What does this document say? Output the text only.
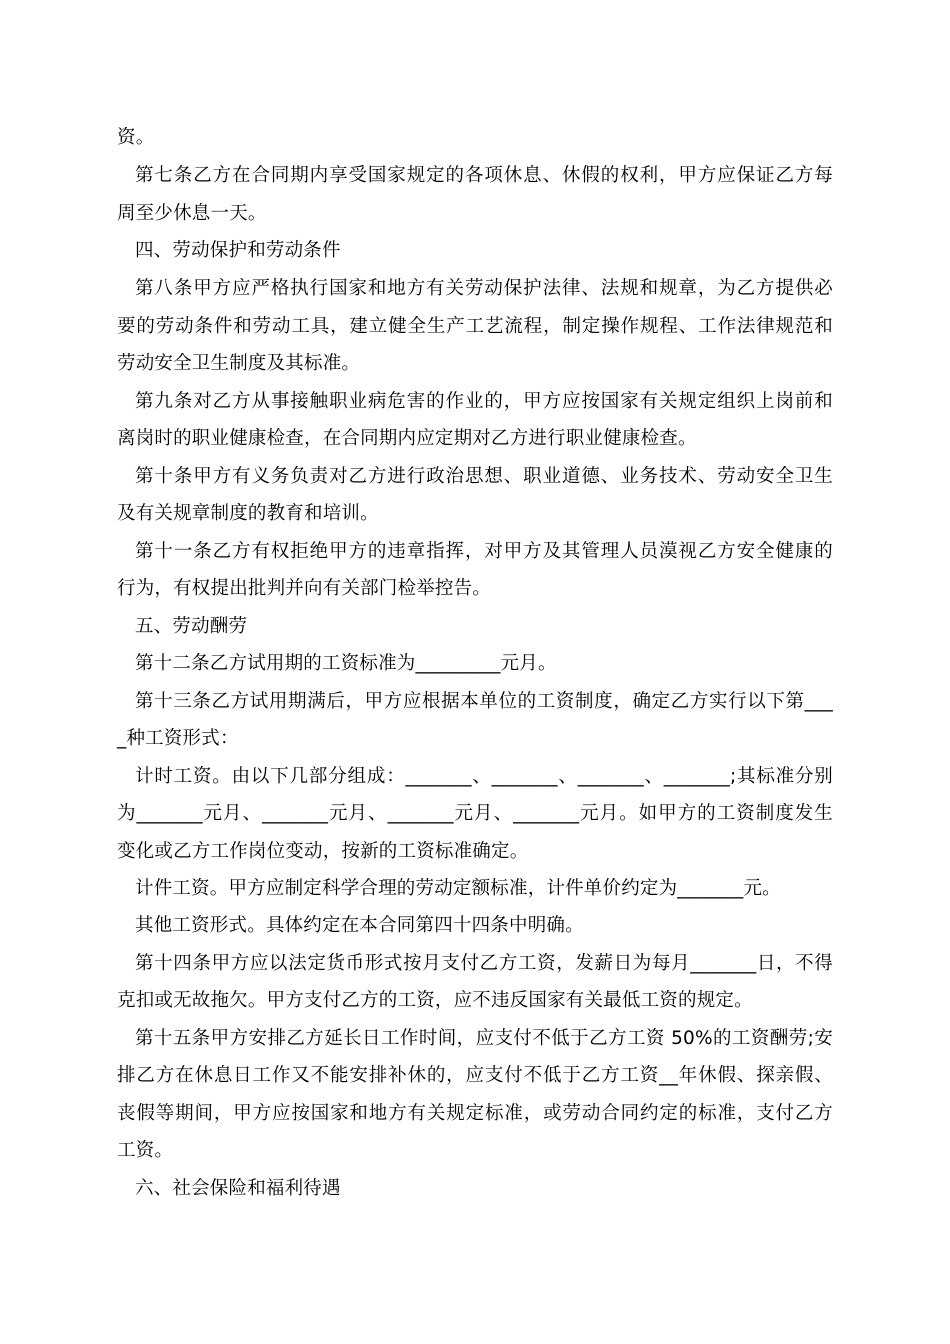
资。
第七条乙方在合同期内享受国家规定的各项休息、休假的权利，甲方应保证乙方每
周至少休息一天。
四、劳动保护和劳动条件
第八条甲方应严格执行国家和地方有关劳动保护法律、法规和规章，为乙方提供必
要的劳动条件和劳动工具，建立健全生产工艺流程，制定操作规程、工作法律规范和
劳动安全卫生制度及其标准。
第九条对乙方从事接触职业病危害的作业的，甲方应按国家有关规定组织上岗前和
离岗时的职业健康检查，在合同期内应定期对乙方进行职业健康检查。
第十条甲方有义务负责对乙方进行政治思想、职业道德、业务技术、劳动安全卫生
及有关规章制度的教育和培训。
第十一条乙方有权拒绝甲方的违章指挥，对甲方及其管理人员漠视乙方安全健康的
行为，有权提出批判并向有关部门检举控告。
五、劳动酬劳
第十二条乙方试用期的工资标准为_________元月。
第十三条乙方试用期满后，甲方应根据本单位的工资制度，确定乙方实行以下第___
_种工资形式：
计时工资。由以下几部分组成：_______、_______、_______、_______;其标准分别
为_______元月、_______元月、_______元月、_______元月。如甲方的工资制度发生
变化或乙方工作岗位变动，按新的工资标准确定。
计件工资。甲方应制定科学合理的劳动定额标准，计件单价约定为_______元。
其他工资形式。具体约定在本合同第四十四条中明确。
第十四条甲方应以法定货币形式按月支付乙方工资，发薪日为每月_______日，不得
克扣或无故拖欠。甲方支付乙方的工资，应不违反国家有关最低工资的规定。
第十五条甲方安排乙方延长日工作时间，应支付不低于乙方工资 50%的工资酬劳;安
排乙方在休息日工作又不能安排补休的，应支付不低于乙方工资__年休假、探亲假、
丧假等期间，甲方应按国家和地方有关规定标准，或劳动合同约定的标准，支付乙方
工资。
六、社会保险和福利待遇
